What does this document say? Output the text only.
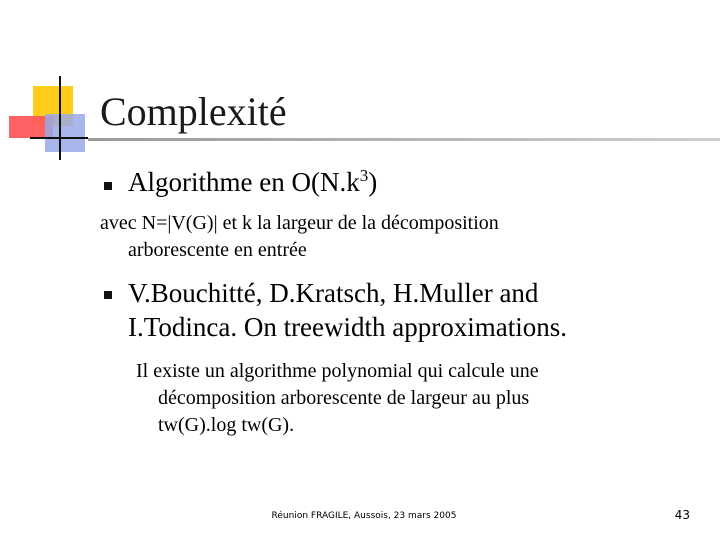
Complexité
Algorithme en $O(N.k^3)$
avec N=|V(G)| et k la largeur de la décomposition
arborescente en entrée
V.Bouchitté, D.Kratsch, H.Muller and
I.Todinca. On treewidth approximations.
Il existe un algorithme polynomial qui calcule une
décomposition arborescente de largeur au plus
tw(G).log tw(G).
Réunion FRAGILE, Aussois, 23 mars 2005	43
